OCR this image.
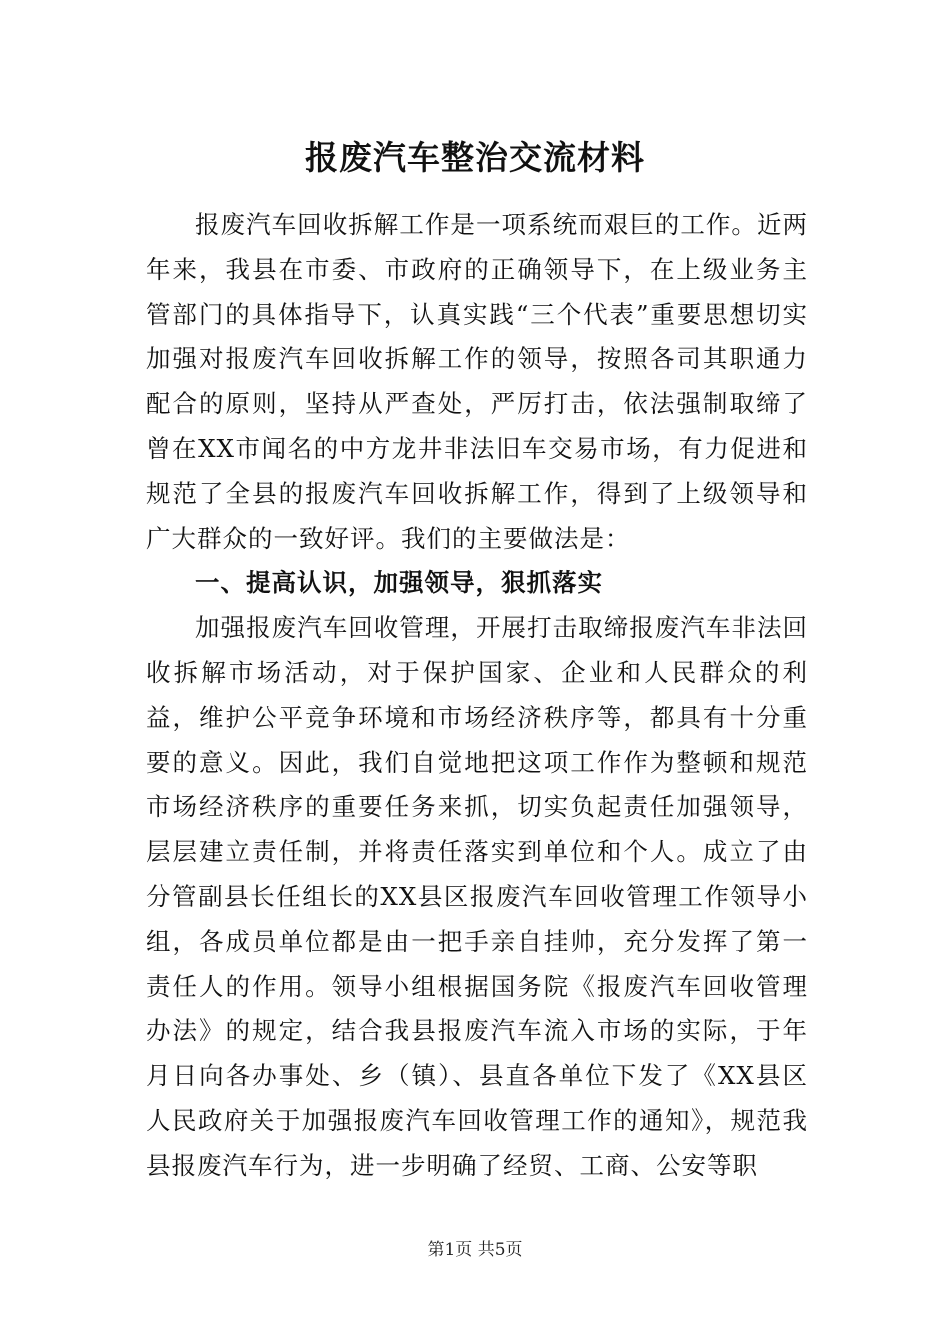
报废汽车整治交流材料

报废汽车回收拆解工作是一项系统而艰巨的工作。近两年来，我县在市委、市政府的正确领导下，在上级业务主管部门的具体指导下，认真实践“三个代表”重要思想切实加强对报废汽车回收拆解工作的领导，按照各司其职通力配合的原则，坚持从严查处，严厉打击，依法强制取缔了曾在XX市闻名的中方龙井非法旧车交易市场，有力促进和规范了全县的报废汽车回收拆解工作，得到了上级领导和广大群众的一致好评。我们的主要做法是：

一、提高认识，加强领导，狠抓落实

加强报废汽车回收管理，开展打击取缔报废汽车非法回收拆解市场活动，对于保护国家、企业和人民群众的利益，维护公平竞争环境和市场经济秩序等，都具有十分重要的意义。因此，我们自觉地把这项工作作为整顿和规范市场经济秩序的重要任务来抓，切实负起责任加强领导，层层建立责任制，并将责任落实到单位和个人。成立了由分管副县长任组长的XX县区报废汽车回收管理工作领导小组，各成员单位都是由一把手亲自挂帅，充分发挥了第一责任人的作用。领导小组根据国务院《报废汽车回收管理办法》的规定，结合我县报废汽车流入市场的实际，于年月日向各办事处、乡（镇）、县直各单位下发了《XX县区人民政府关于加强报废汽车回收管理工作的通知》，规范我县报废汽车行为，进一步明确了经贸、工商、公安等职

第1页 共5页
